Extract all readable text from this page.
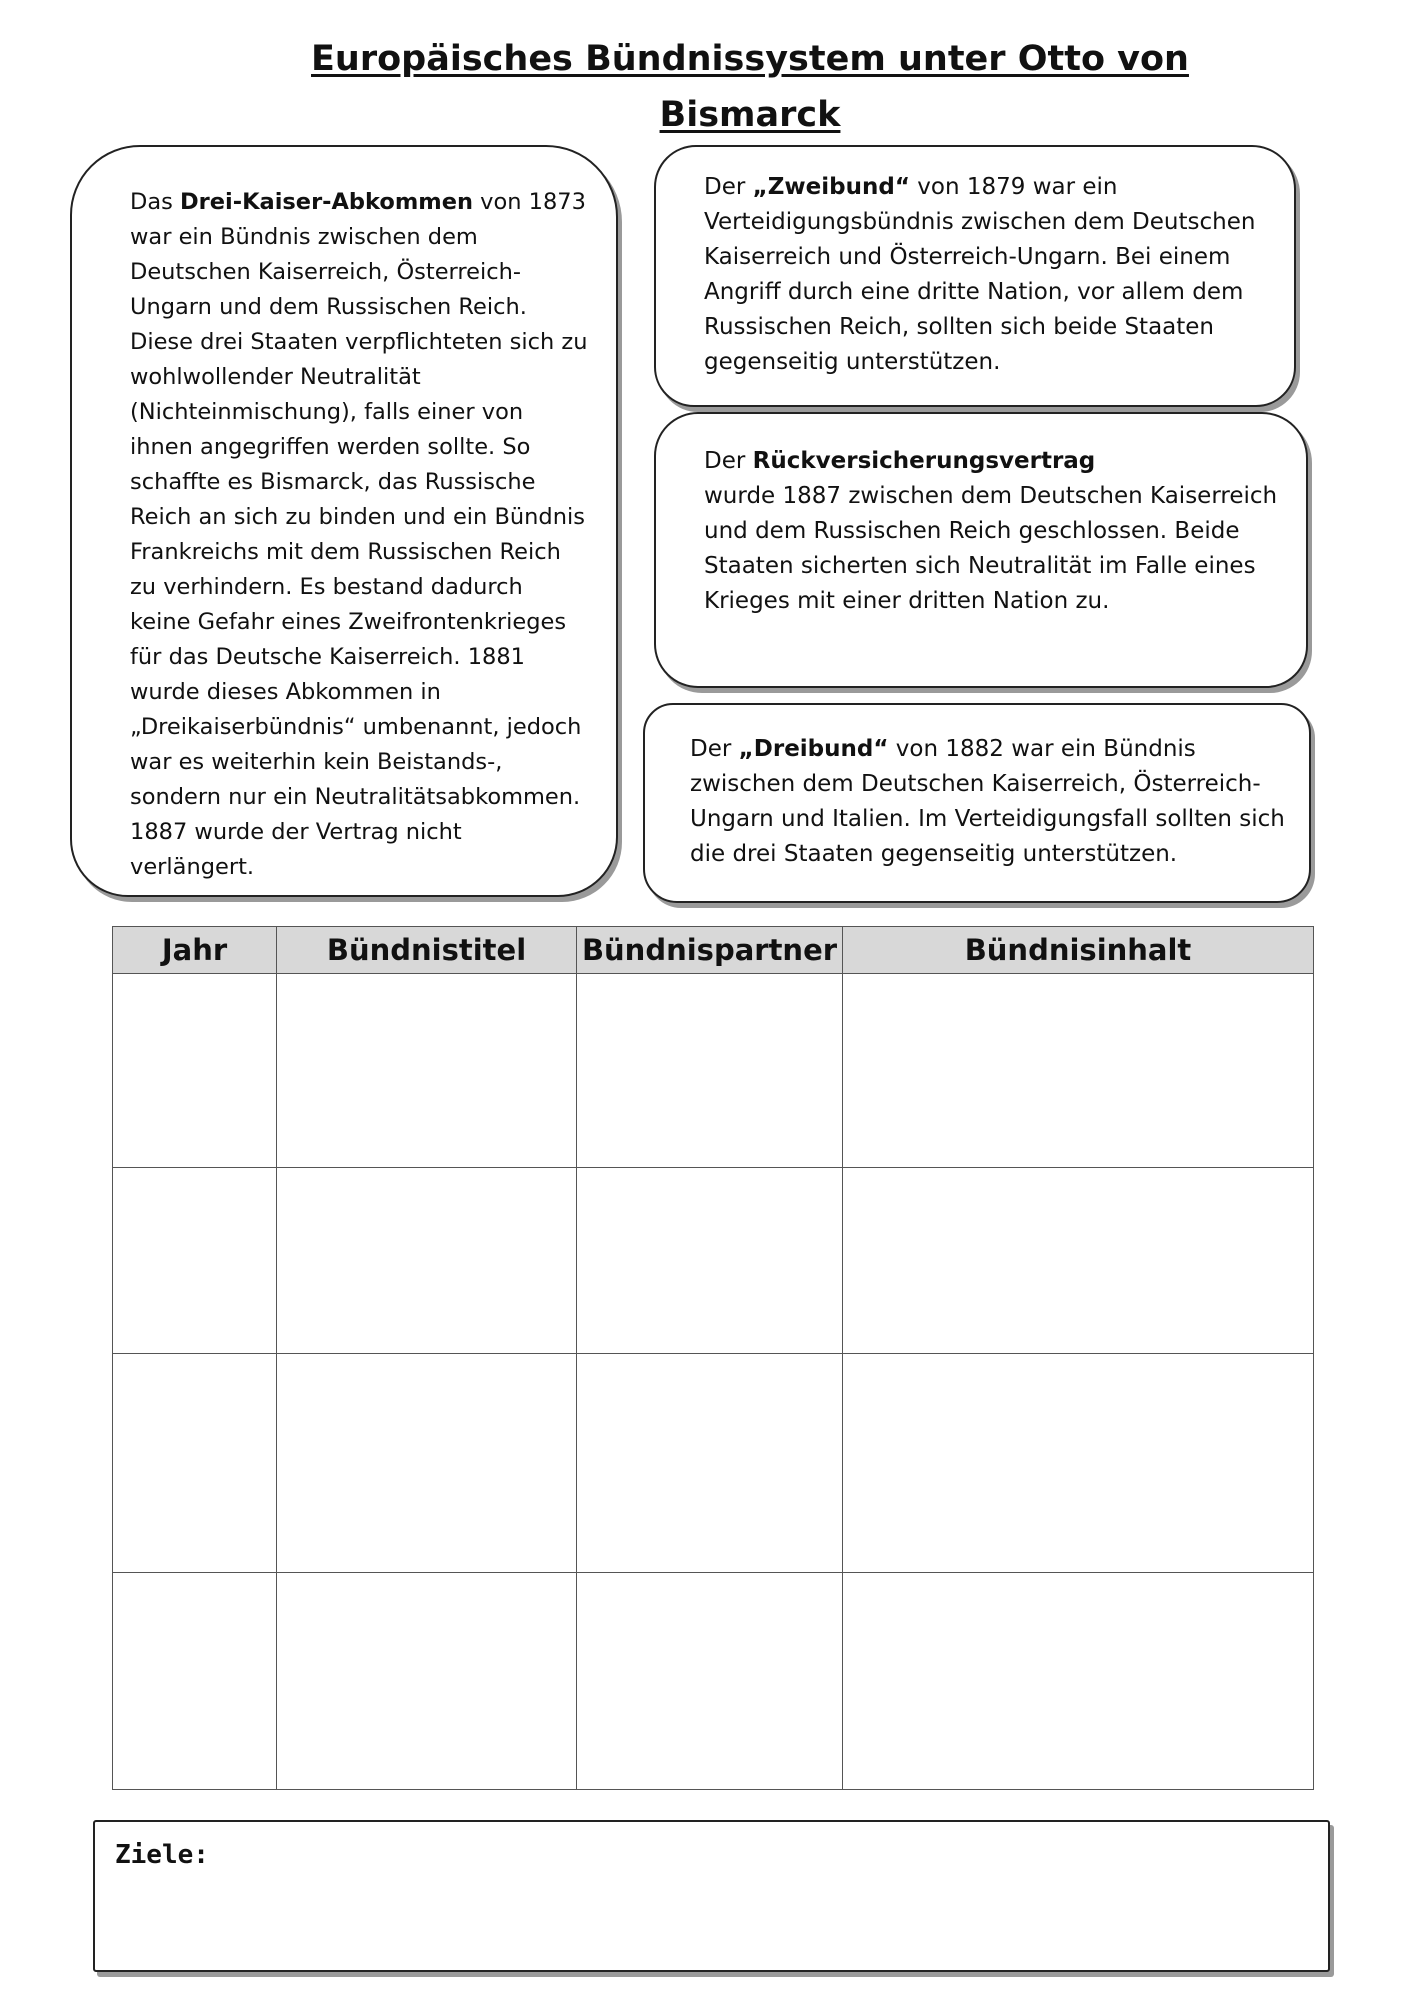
Europäisches Bündnissystem unter Otto von
Bismarck

Das Drei-Kaiser-Abkommen von 1873 war ein Bündnis zwischen dem Deutschen Kaiserreich, Österreich-Ungarn und dem Russischen Reich. Diese drei Staaten verpflichteten sich zu wohlwollender Neutralität (Nichteinmischung), falls einer von ihnen angegriffen werden sollte. So schaffte es Bismarck, das Russische Reich an sich zu binden und ein Bündnis Frankreichs mit dem Russischen Reich zu verhindern. Es bestand dadurch keine Gefahr eines Zweifrontenkrieges für das Deutsche Kaiserreich. 1881 wurde dieses Abkommen in „Dreikaiserbündnis“ umbenannt, jedoch war es weiterhin kein Beistands-, sondern nur ein Neutralitätsabkommen. 1887 wurde der Vertrag nicht verlängert.

Der „Zweibund“ von 1879 war ein Verteidigungsbündnis zwischen dem Deutschen Kaiserreich und Österreich-Ungarn. Bei einem Angriff durch eine dritte Nation, vor allem dem Russischen Reich, sollten sich beide Staaten gegenseitig unterstützen.

Der Rückversicherungsvertrag
wurde 1887 zwischen dem Deutschen Kaiserreich und dem Russischen Reich geschlossen. Beide Staaten sicherten sich Neutralität im Falle eines Krieges mit einer dritten Nation zu.

Der „Dreibund“ von 1882 war ein Bündnis zwischen dem Deutschen Kaiserreich, Österreich-Ungarn und Italien. Im Verteidigungsfall sollten sich die drei Staaten gegenseitig unterstützen.

Jahr	Bündnistitel	Bündnispartner	Bündnisinhalt

Ziele:
